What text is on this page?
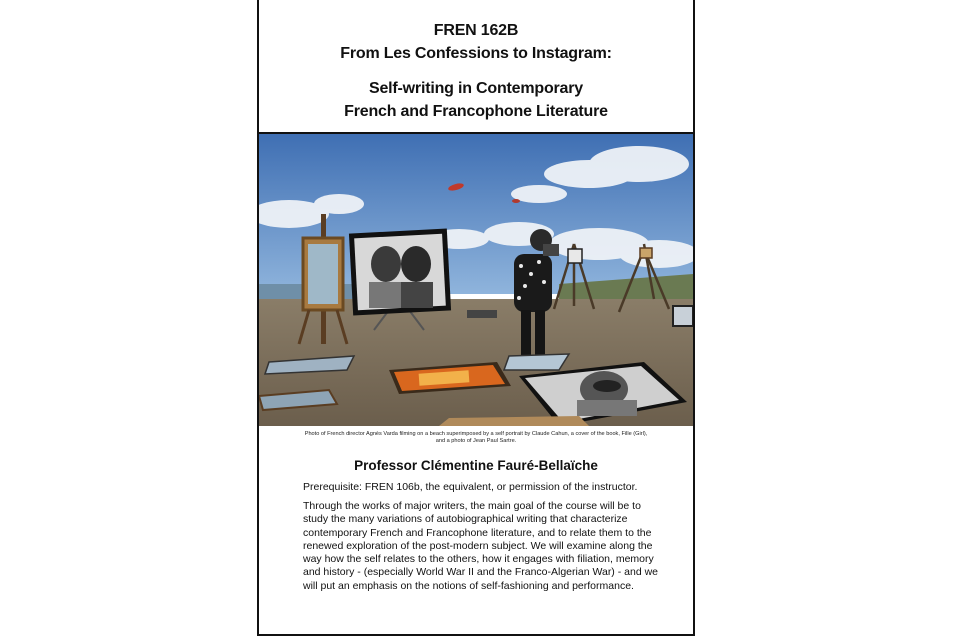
FREN 162B
From Les Confessions to Instagram:
Self-writing in Contemporary
French and Francophone Literature
Photo of French director Agnès Varda filming on a beach superimposed by a self portrait by Claude Cahun, a cover of the book, Fille (Girl),
and a photo of Jean Paul Sartre.
Professor Clémentine Fauré-Bellaïche
Prerequisite: FREN 106b, the equivalent, or permission of the instructor.
Through the works of major writers, the main goal of the course will be to study the many variations of autobiographical writing that characterize contemporary French and Francophone literature, and to relate them to the renewed exploration of the post-modern subject. We will examine along the way how the self relates to the others, how it engages with filiation, memory and history - (especially World War II and the Franco-Algerian War) - and we will put an emphasis on the notions of self-fashioning and performance.
